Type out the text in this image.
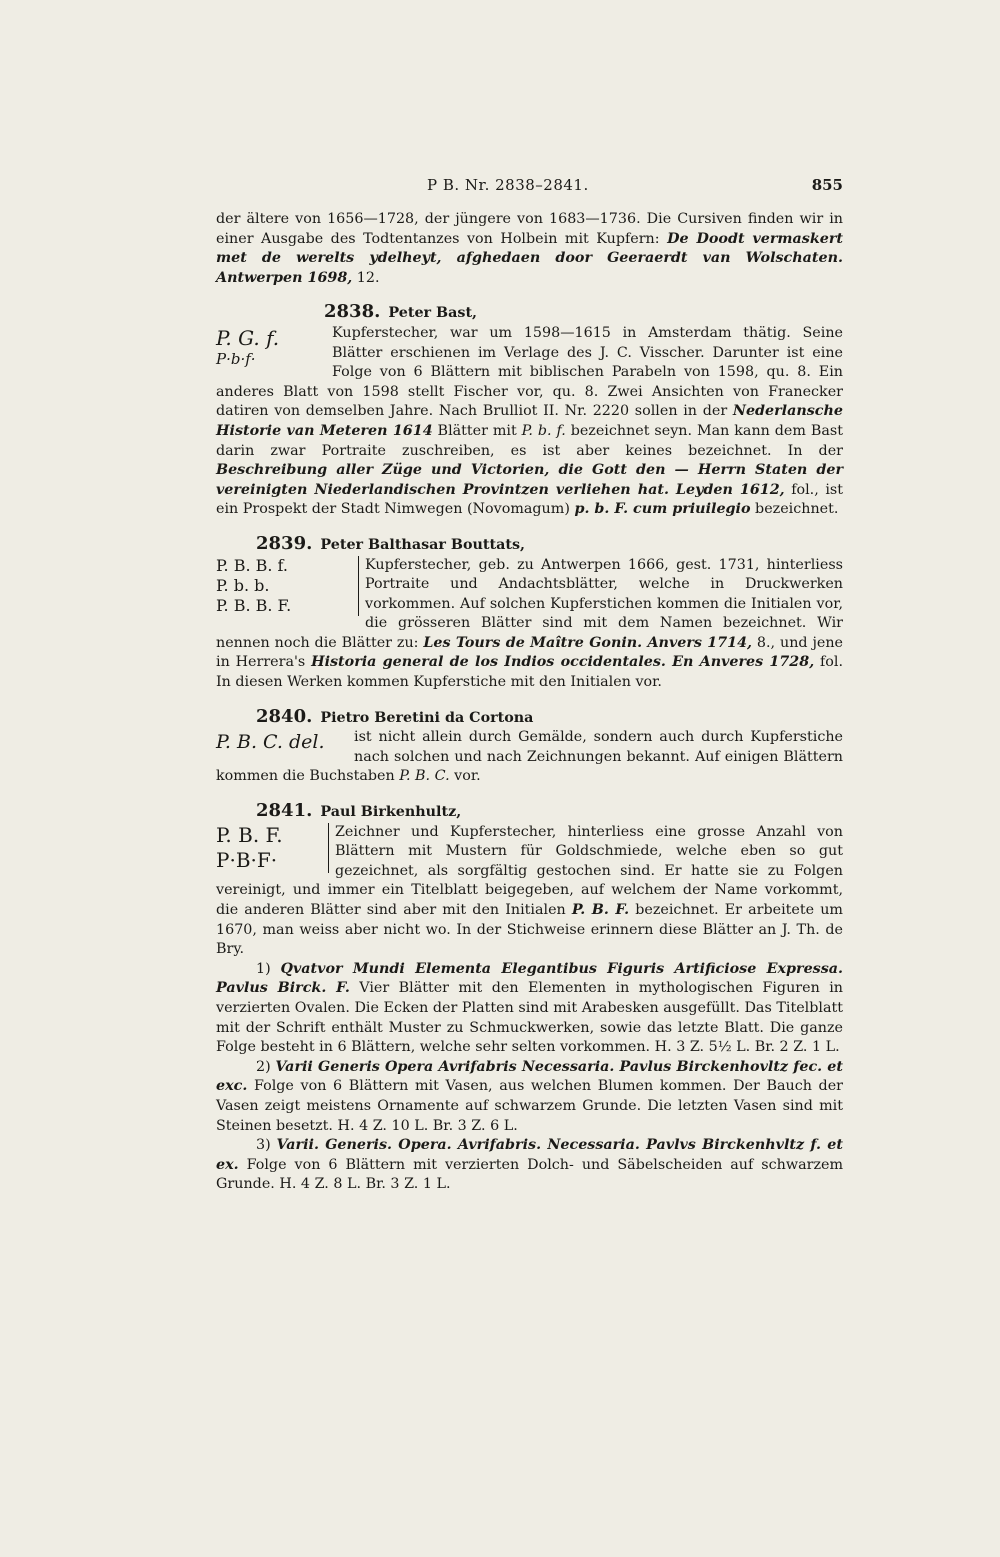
P B. Nr. 2838–2841.	855

der ältere von 1656—1728, der jüngere von 1683—1736. Die Cursiven finden wir in einer Ausgabe des Todtentanzes von Holbein mit Kupfern: De Doodt vermaskert met de werelts ydelheyt, afghedaen door Geeraerdt van Wolschaten. Antwerpen 1698, 12.

2838. Peter Bast,

P. G. f.
P·b·f·

Kupferstecher, war um 1598—1615 in Amsterdam thätig. Seine Blätter erschienen im Verlage des J. C. Visscher. Darunter ist eine Folge von 6 Blättern mit biblischen Parabeln von 1598, qu. 8. Ein anderes Blatt von 1598 stellt Fischer vor, qu. 8. Zwei Ansichten von Franecker datiren von demselben Jahre. Nach Brulliot II. Nr. 2220 sollen in der Nederlansche Historie van Meteren 1614 Blätter mit P. b. f. bezeichnet seyn. Man kann dem Bast darin zwar Portraite zuschreiben, es ist aber keines bezeichnet. In der Beschreibung aller Züge und Victorien, die Gott den — Herrn Staten der vereinigten Niederlandischen Provintzen verliehen hat. Leyden 1612, fol., ist ein Prospekt der Stadt Nimwegen (Novomagum) p. b. F. cum priuilegio bezeichnet.

2839. Peter Balthasar Bouttats,

P. B. B. f.
P. b. b.
P. B. B. F.

Kupferstecher, geb. zu Antwerpen 1666, gest. 1731, hinterliess Portraite und Andachtsblätter, welche in Druckwerken vorkommen. Auf solchen Kupferstichen kommen die Initialen vor, die grösseren Blätter sind mit dem Namen bezeichnet. Wir nennen noch die Blätter zu: Les Tours de Maître Gonin. Anvers 1714, 8., und jene in Herrera's Historia general de los Indios occidentales. En Anveres 1728, fol. In diesen Werken kommen Kupferstiche mit den Initialen vor.

2840. Pietro Beretini da Cortona

P. B. C. del.	ist nicht allein durch Gemälde, sondern auch durch Kupferstiche nach solchen und nach Zeichnungen bekannt. Auf einigen Blättern kommen die Buchstaben P. B. C. vor.

2841. Paul Birkenhultz,

P. B. F.
P·B·F·

Zeichner und Kupferstecher, hinterliess eine grosse Anzahl von Blättern mit Mustern für Goldschmiede, welche eben so gut gezeichnet, als sorgfältig gestochen sind. Er hatte sie zu Folgen vereinigt, und immer ein Titelblatt beigegeben, auf welchem der Name vorkommt, die anderen Blätter sind aber mit den Initialen P. B. F. bezeichnet. Er arbeitete um 1670, man weiss aber nicht wo. In der Stichweise erinnern diese Blätter an J. Th. de Bry.

1) Qvatvor Mundi Elementa Elegantibus Figuris Artificiose Expressa. Pavlus Birck. F. Vier Blätter mit den Elementen in mythologischen Figuren in verzierten Ovalen. Die Ecken der Platten sind mit Arabesken ausgefüllt. Das Titelblatt mit der Schrift enthält Muster zu Schmuckwerken, sowie das letzte Blatt. Die ganze Folge besteht in 6 Blättern, welche sehr selten vorkommen. H. 3 Z. 5½ L. Br. 2 Z. 1 L.

2) Varii Generis Opera Avrifabris Necessaria. Pavlus Birckenhovltz fec. et exc. Folge von 6 Blättern mit Vasen, aus welchen Blumen kommen. Der Bauch der Vasen zeigt meistens Ornamente auf schwarzem Grunde. Die letzten Vasen sind mit Steinen besetzt. H. 4 Z. 10 L. Br. 3 Z. 6 L.

3) Varii. Generis. Opera. Avrifabris. Necessaria. Pavlvs Birckenhvltz f. et ex. Folge von 6 Blättern mit verzierten Dolch- und Säbelscheiden auf schwarzem Grunde. H. 4 Z. 8 L. Br. 3 Z. 1 L.
